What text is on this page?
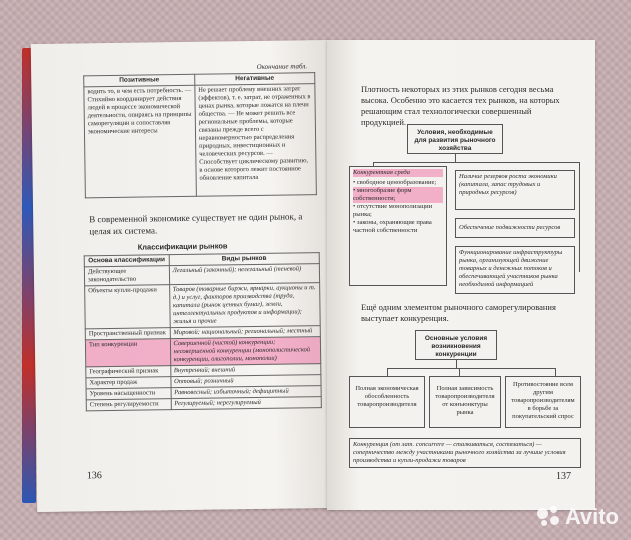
Окончание табл.
Позитивные	Негативные
водить то, в чем есть потребность. — Стихийно координирует действия людей в процессе экономической деятельности, опираясь на принципы саморегуляции и сопоставляя экономические интересы	Не решает проблему внешних затрат (эффектов), т. е. затрат, не отраженных в ценах рынка, которые ложатся на плечи общества. — Не может решить все региональные проблемы, которые связаны прежде всего с неравномерностью распределения природных, инвестиционных и человеческих ресурсов. — Способствует циклическому развитию, в основе которого лежит постоянное обновление капитала
В современной экономике существует не один рынок, а целая их система.
Классификации рынков
Основа классификации	Виды рынков
Действующее законодательство	Легальный (законный); нелегальный (теневой)
Объекты купли-продажи	Товаров (товарные биржи, ярмарки, аукционы и т. д.) и услуг, факторов производства (труда, капитала (рынок ценных бумаг), земли, интеллектуальных продуктов и информации); жилья и прочие
Пространственный признак	Мировой; национальный; региональный; местный
Тип конкуренции	Совершенной (чистой) конкуренции; несовершенной конкуренции (монополистической конкуренции, олигополии, монополии)
Географический признак	Внутренний; внешний
Характер продаж	Оптовый; розничный
Уровень насыщенности	Равновесный; избыточный; дефицитный
Степень регулируемости	Регулируемый; нерегулируемый
136
Плотность некоторых из этих рынков сегодня весьма высока. Особенно это касается тех рынков, на которых решающим стал технологически совершенный продукцией.
Условия, необходимые для развития рыночного хозяйства
Конкурентная среда
• свободное ценообразование;
• многообразие форм собственности;
• отсутствие монополизации рынка;
• законы, охраняющие права частной собственности
Наличие резервов роста экономики (капитала, запас трудовых и природных ресурсов)
Обеспечение подвижности ресурсов
Функционирование инфраструктуры рынка, организующей движение товарных и денежных потоков и обеспечивающей участников рынка необходимой информацией
Ещё одним элементом рыночного саморегулирования выступает конкуренция.
Основные условия возникновения конкуренции
Полная экономическая обособленность товаропроизводителя
Полная зависимость товаропроизводителя от конъюнктуры рынка
Противостояние всем другим товаропроизводителям в борьбе за покупательский спрос
Конкуренция (от лат. concurrere — сталкиваться, состязаться) — соперничество между участниками рыночного хозяйства за лучшие условия производства и купли-продажи товаров
137
Avito
